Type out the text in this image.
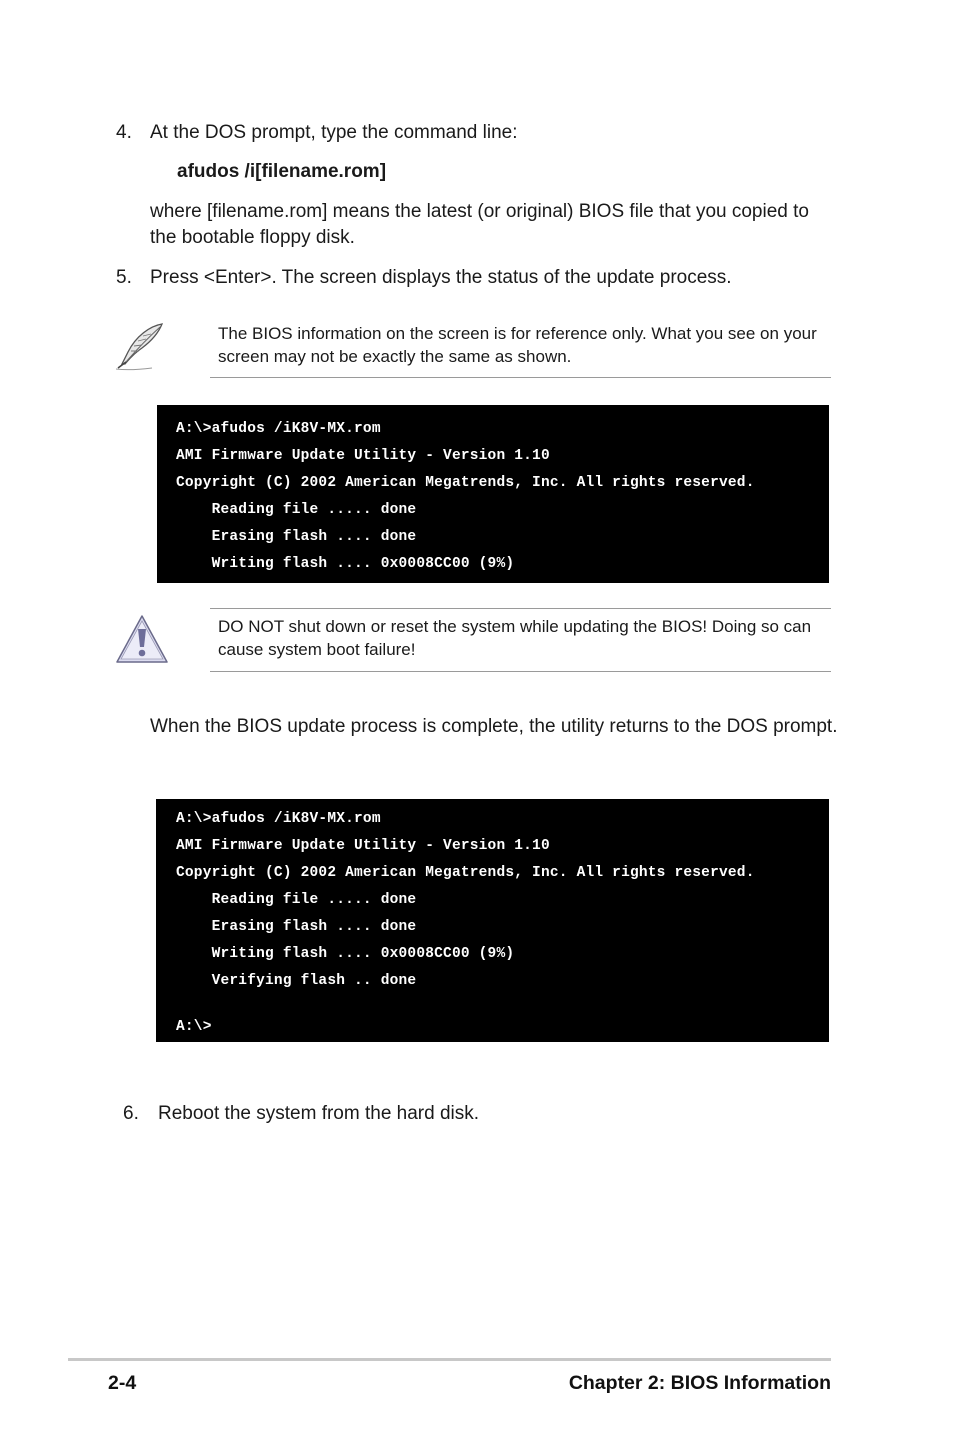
4. At the DOS prompt, type the command line:
afudos /i[filename.rom]
where [filename.rom] means the latest (or original) BIOS file that you copied to
the bootable floppy disk.
5. Press <Enter>. The screen displays the status of the update process.
The BIOS information on the screen is for reference only. What you see on your
screen may not be exactly the same as shown.
A:\>afudos /iK8V-MX.rom
AMI Firmware Update Utility - Version 1.10
Copyright (C) 2002 American Megatrends, Inc. All rights reserved.
Reading file ..... done
Erasing flash .... done
Writing flash .... 0x0008CC00 (9%)
DO NOT shut down or reset the system while updating the BIOS! Doing so can
cause system boot failure!
When the BIOS update process is complete, the utility returns to the DOS prompt.
A:\>afudos /iK8V-MX.rom
AMI Firmware Update Utility - Version 1.10
Copyright (C) 2002 American Megatrends, Inc. All rights reserved.
Reading file ..... done
Erasing flash .... done
Writing flash .... 0x0008CC00 (9%)
Verifying flash .. done
A:\>
6. Reboot the system from the hard disk.
2-4	Chapter 2: BIOS Information
